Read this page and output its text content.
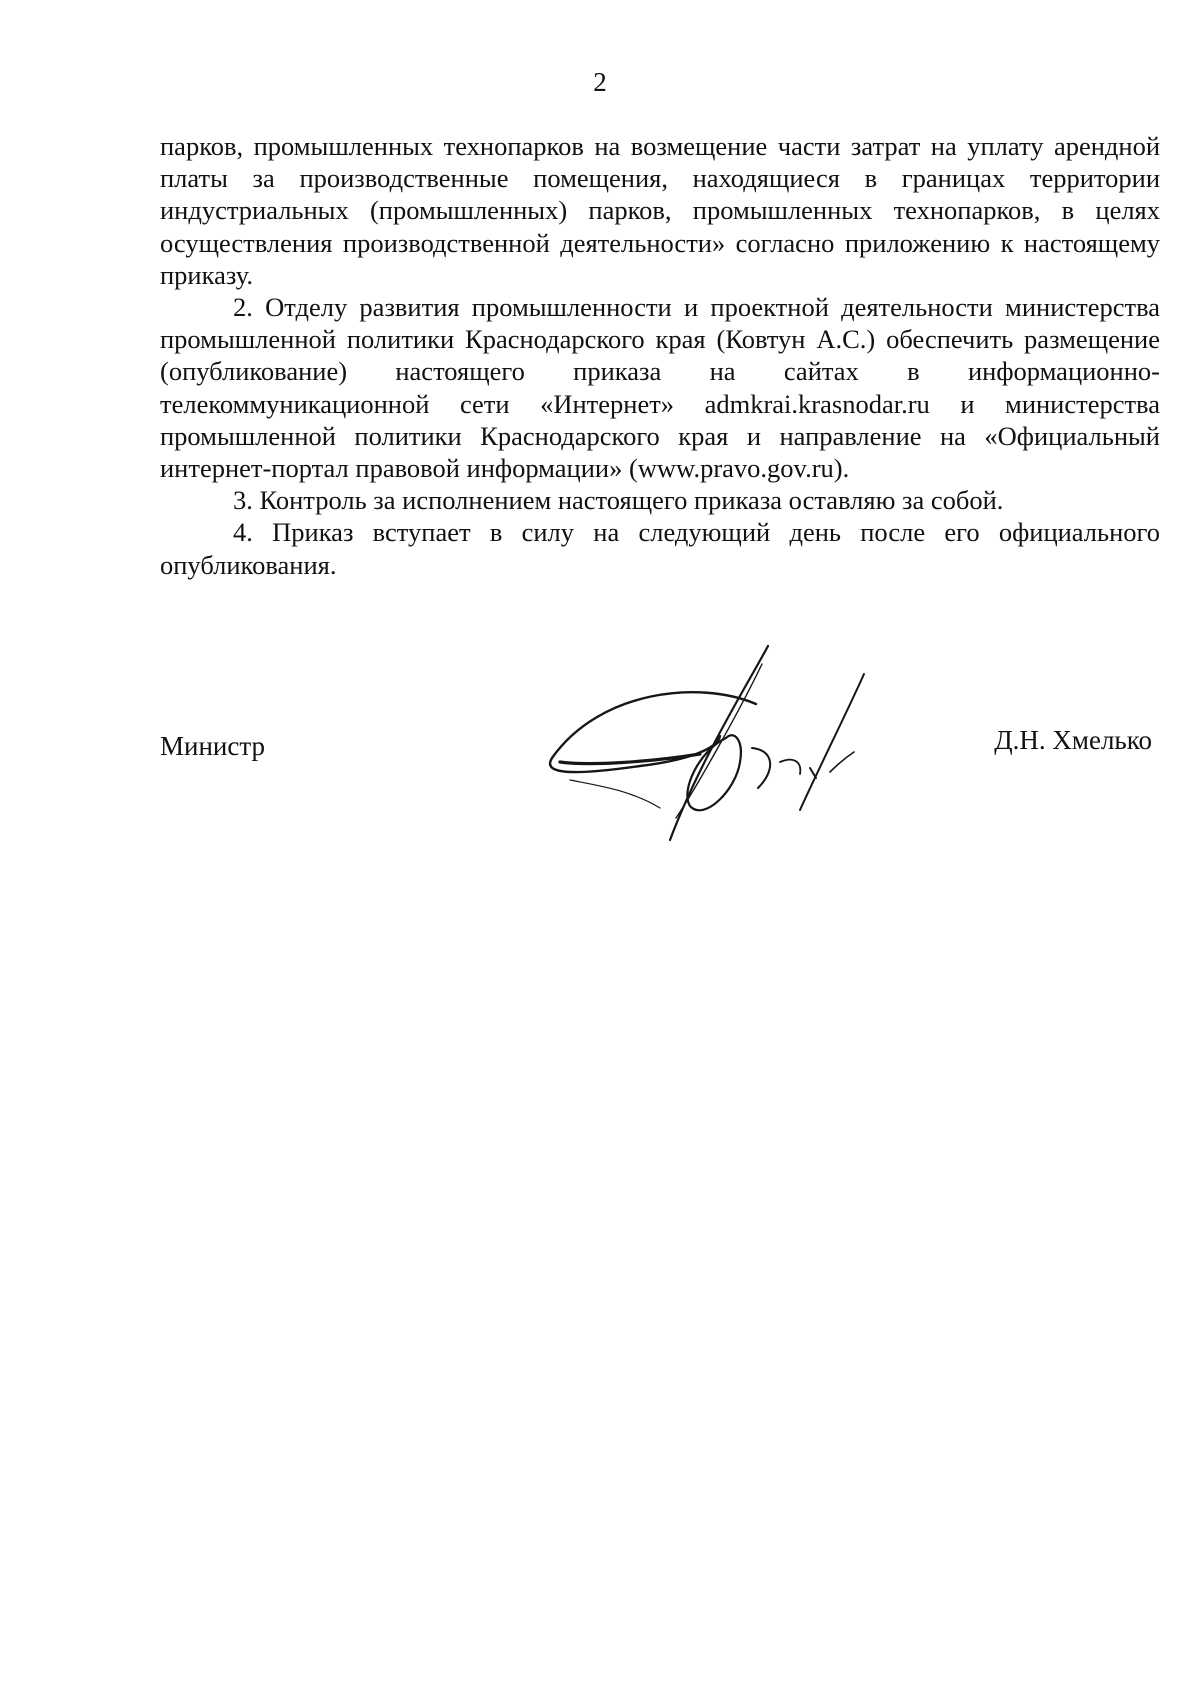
2

парков, промышленных технопарков на возмещение части затрат на уплату арендной платы за производственные помещения, находящиеся в границах территории индустриальных (промышленных) парков, промышленных технопарков, в целях осуществления производственной деятельности» согласно приложению к настоящему приказу.

2. Отделу развития промышленности и проектной деятельности министерства промышленной политики Краснодарского края (Ковтун А.С.) обеспечить размещение (опубликование) настоящего приказа на сайтах в информационно-телекоммуникационной сети «Интернет» admkrai.krasnodar.ru и министерства промышленной политики Краснодарского края и направление на «Официальный интернет-портал правовой информации» (www.pravo.gov.ru).

3. Контроль за исполнением настоящего приказа оставляю за собой.

4. Приказ вступает в силу на следующий день после его официального опубликования.

Министр	Д.Н. Хмелько
